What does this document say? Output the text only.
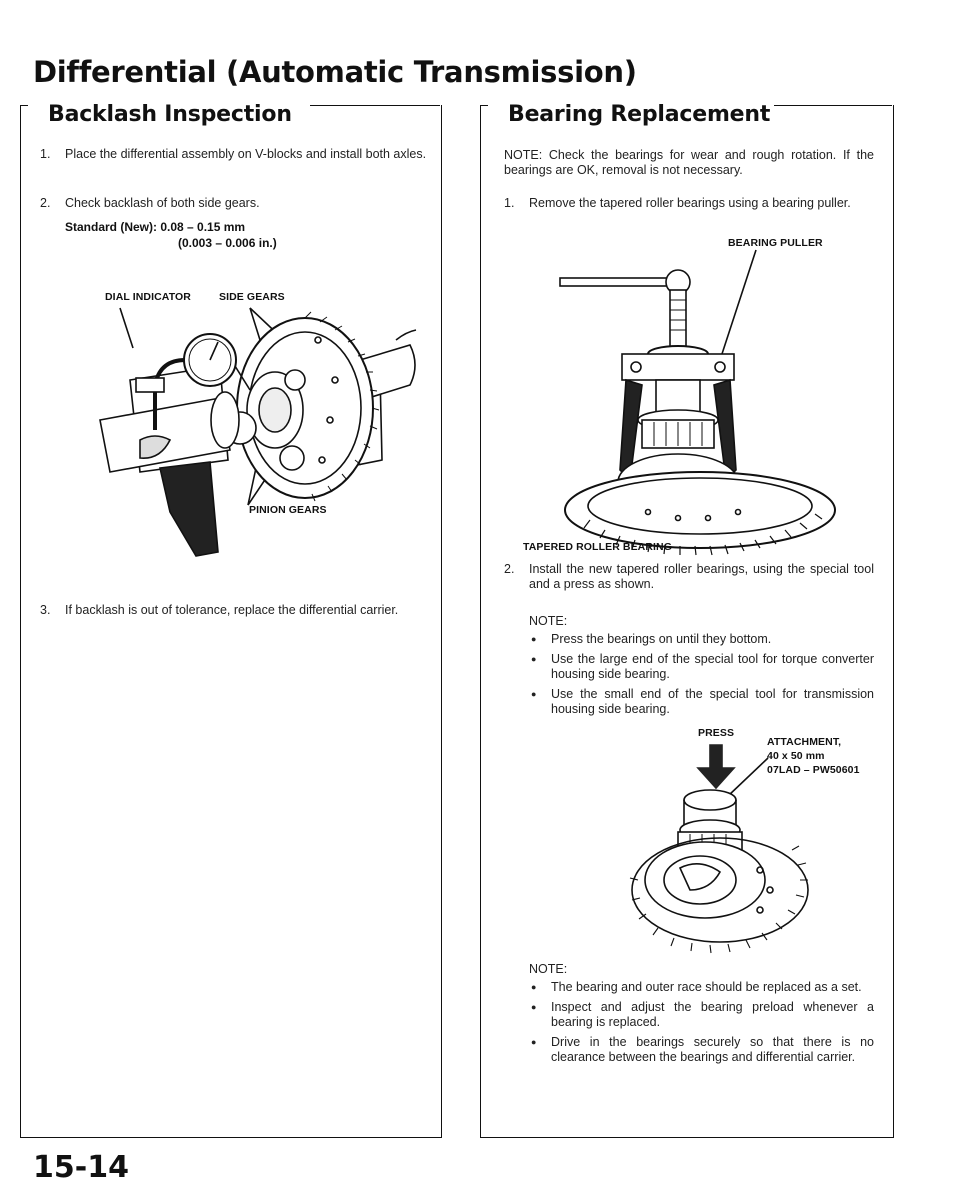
Differential (Automatic Transmission)
Backlash Inspection
1. Place the differential assembly on V-blocks and install both axles.
2. Check backlash of both side gears.
Standard (New): 0.08 – 0.15 mm
(0.003 – 0.006 in.)
DIAL INDICATOR	SIDE GEARS
PINION GEARS
3. If backlash is out of tolerance, replace the differential carrier.
Bearing Replacement
NOTE: Check the bearings for wear and rough rotation. If the bearings are OK, removal is not necessary.
1. Remove the tapered roller bearings using a bearing puller.
BEARING PULLER
TAPERED ROLLER BEARING
2. Install the new tapered roller bearings, using the special tool and a press as shown.
NOTE:
● Press the bearings on until they bottom.
● Use the large end of the special tool for torque converter housing side bearing.
● Use the small end of the special tool for transmission housing side bearing.
PRESS
ATTACHMENT,
40 x 50 mm
07LAD – PW50601
NOTE:
● The bearing and outer race should be replaced as a set.
● Inspect and adjust the bearing preload whenever a bearing is replaced.
● Drive in the bearings securely so that there is no clearance between the bearings and differential carrier.
15-14
